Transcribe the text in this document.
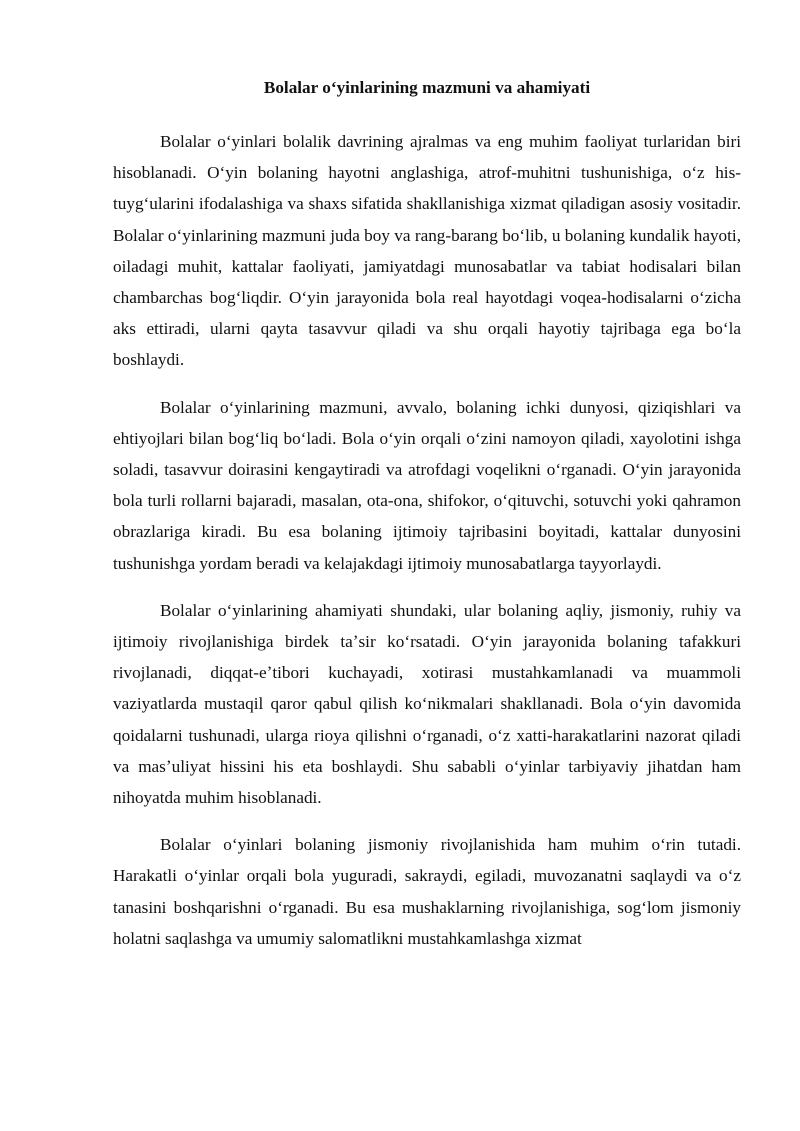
Bolalar oʻyinlarining mazmuni va ahamiyati

Bolalar oʻyinlari bolalik davrining ajralmas va eng muhim faoliyat turlaridan biri hisoblanadi. Oʻyin bolaning hayotni anglashiga, atrof-muhitni tushunishiga, oʻz his-tuygʻularini ifodalashiga va shaxs sifatida shakllanishiga xizmat qiladigan asosiy vositadir. Bolalar oʻyinlarining mazmuni juda boy va rang-barang boʻlib, u bolaning kundalik hayoti, oiladagi muhit, kattalar faoliyati, jamiyatdagi munosabatlar va tabiat hodisalari bilan chambarchas bogʻliqdir. Oʻyin jarayonida bola real hayotdagi voqea-hodisalarni oʻzicha aks ettiradi, ularni qayta tasavvur qiladi va shu orqali hayotiy tajribaga ega boʻla boshlaydi.

Bolalar oʻyinlarining mazmuni, avvalo, bolaning ichki dunyosi, qiziqishlari va ehtiyojlari bilan bogʻliq boʻladi. Bola oʻyin orqali oʻzini namoyon qiladi, xayolotini ishga soladi, tasavvur doirasini kengaytiradi va atrofdagi voqelikni oʻrganadi. Oʻyin jarayonida bola turli rollarni bajaradi, masalan, ota-ona, shifokor, oʻqituvchi, sotuvchi yoki qahramon obrazlariga kiradi. Bu esa bolaning ijtimoiy tajribasini boyitadi, kattalar dunyosini tushunishga yordam beradi va kelajakdagi ijtimoiy munosabatlarga tayyorlaydi.

Bolalar oʻyinlarining ahamiyati shundaki, ular bolaning aqliy, jismoniy, ruhiy va ijtimoiy rivojlanishiga birdek taʼsir koʻrsatadi. Oʻyin jarayonida bolaning tafakkuri rivojlanadi, diqqat-eʼtibori kuchayadi, xotirasi mustahkamlanadi va muammoli vaziyatlarda mustaqil qaror qabul qilish koʻnikmalari shakllanadi. Bola oʻyin davomida qoidalarni tushunadi, ularga rioya qilishni oʻrganadi, oʻz xatti-harakatlarini nazorat qiladi va masʼuliyat hissini his eta boshlaydi. Shu sababli oʻyinlar tarbiyaviy jihatdan ham nihoyatda muhim hisoblanadi.

Bolalar oʻyinlari bolaning jismoniy rivojlanishida ham muhim oʻrin tutadi. Harakatli oʻyinlar orqali bola yuguradi, sakraydi, egiladi, muvozanatni saqlaydi va oʻz tanasini boshqarishni oʻrganadi. Bu esa mushaklarning rivojlanishiga, sogʻlom jismoniy holatni saqlashga va umumiy salomatlikni mustahkamlashga xizmat
